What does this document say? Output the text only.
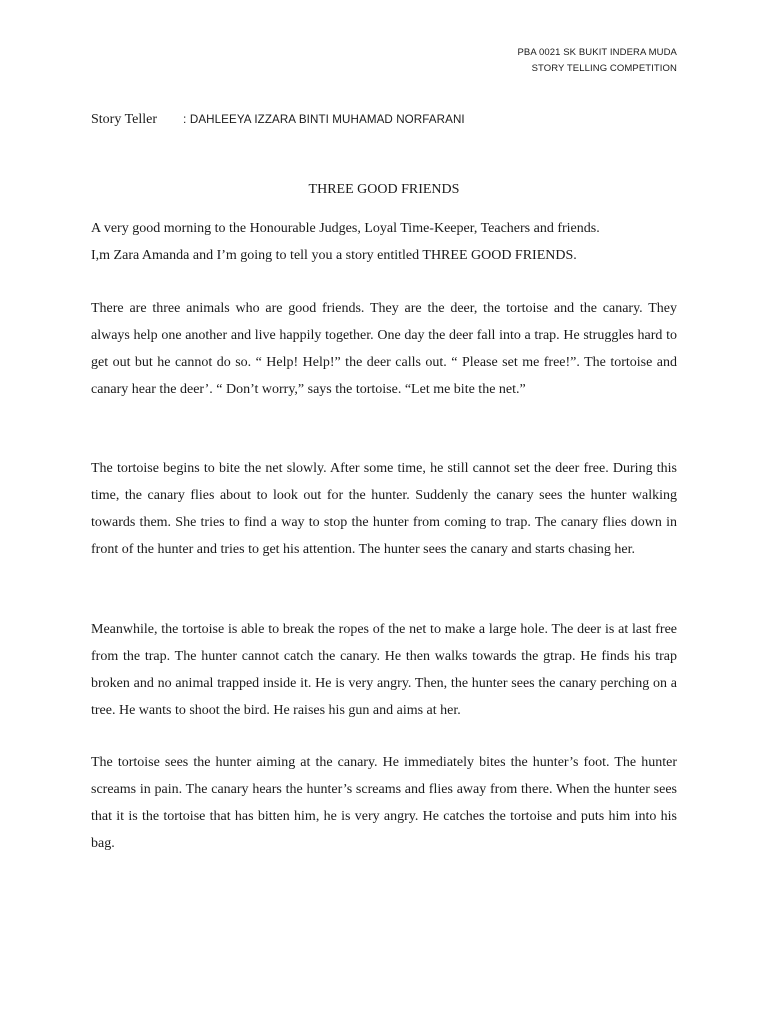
PBA 0021 SK BUKIT INDERA MUDA
STORY TELLING COMPETITION
Story Teller : DAHLEEYA IZZARA BINTI MUHAMAD NORFARANI
THREE GOOD FRIENDS
A very good morning to the Honourable Judges, Loyal Time-Keeper, Teachers and friends.
I,m Zara Amanda and I’m going to tell you a story entitled THREE GOOD FRIENDS.

There are three animals who are good friends. They are the deer, the tortoise and the canary. They always help one another and live happily together. One day the deer fall into a trap. He struggles hard to get out but he cannot do so. “ Help! Help!” the deer calls out. “ Please set me free!”. The tortoise and canary hear the deer’. “ Don’t worry,” says the tortoise. “Let me bite the net.”

The tortoise begins to bite the net slowly. After some time, he still cannot set the deer free. During this time, the canary flies about to look out for the hunter. Suddenly the canary sees the hunter walking towards them. She tries to find a way to stop the hunter from coming to trap. The canary flies down in front of the hunter and tries to get his attention. The hunter sees the canary and starts chasing her.

Meanwhile, the tortoise is able to break the ropes of the net to make a large hole. The deer is at last free from the trap. The hunter cannot catch the canary. He then walks towards the gtrap. He finds his trap broken and no animal trapped inside it. He is very angry. Then, the hunter sees the canary perching on a tree. He wants to shoot the bird. He raises his gun and aims at her.

The tortoise sees the hunter aiming at the canary. He immediately bites the hunter’s foot. The hunter screams in pain. The canary hears the hunter’s screams and flies away from there. When the hunter sees that it is the tortoise that has bitten him, he is very angry. He catches the tortoise and puts him into his bag.
